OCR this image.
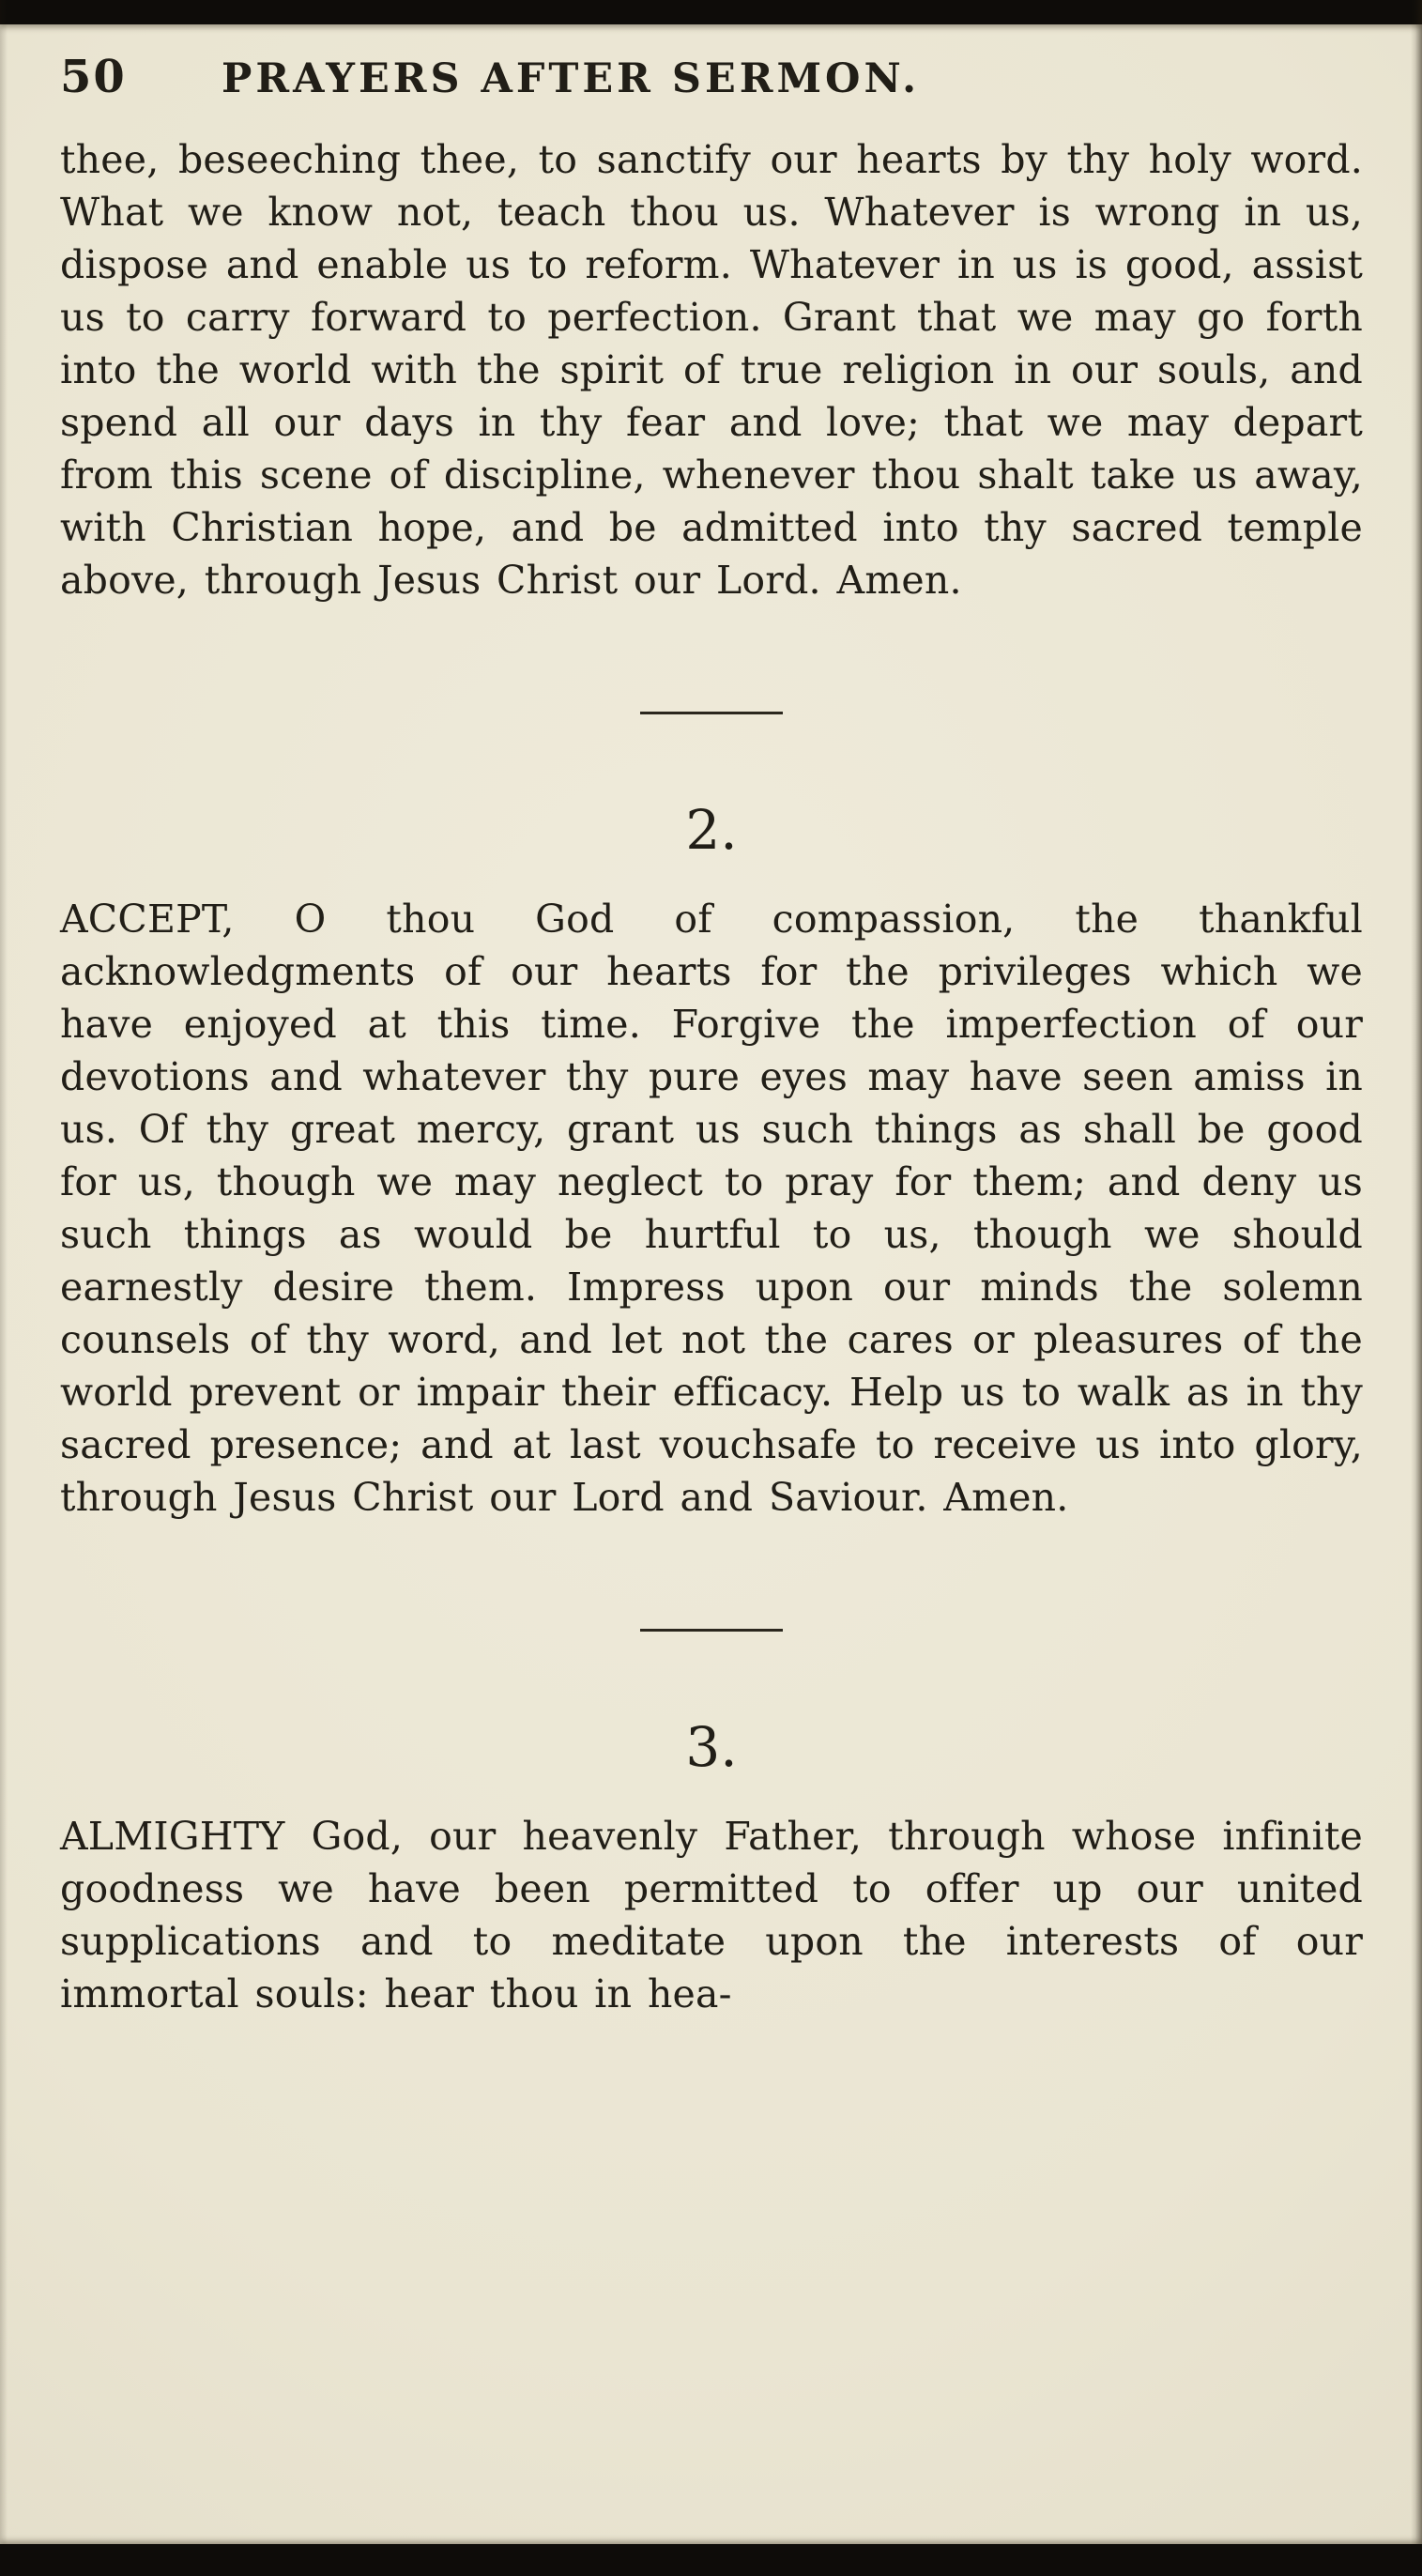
50 PRAYERS AFTER SERMON.

thee, beseeching thee, to sanctify our hearts by thy holy word. What we know not, teach thou us. Whatever is wrong in us, dispose and enable us to reform. Whatever in us is good, assist us to carry forward to perfection. Grant that we may go forth into the world with the spirit of true religion in our souls, and spend all our days in thy fear and love; that we may depart from this scene of discipline, whenever thou shalt take us away, with Christian hope, and be admitted into thy sacred temple above, through Jesus Christ our Lord. Amen.

2.

ACCEPT, O thou God of compassion, the thankful acknowledgments of our hearts for the privileges which we have enjoyed at this time. Forgive the imperfection of our devotions and whatever thy pure eyes may have seen amiss in us. Of thy great mercy, grant us such things as shall be good for us, though we may neglect to pray for them; and deny us such things as would be hurtful to us, though we should earnestly desire them. Impress upon our minds the solemn counsels of thy word, and let not the cares or pleasures of the world prevent or impair their efficacy. Help us to walk as in thy sacred presence; and at last vouchsafe to receive us into glory, through Jesus Christ our Lord and Saviour. Amen.

3.

ALMIGHTY God, our heavenly Father, through whose infinite goodness we have been permitted to offer up our united supplications and to meditate upon the interests of our immortal souls: hear thou in hea-
